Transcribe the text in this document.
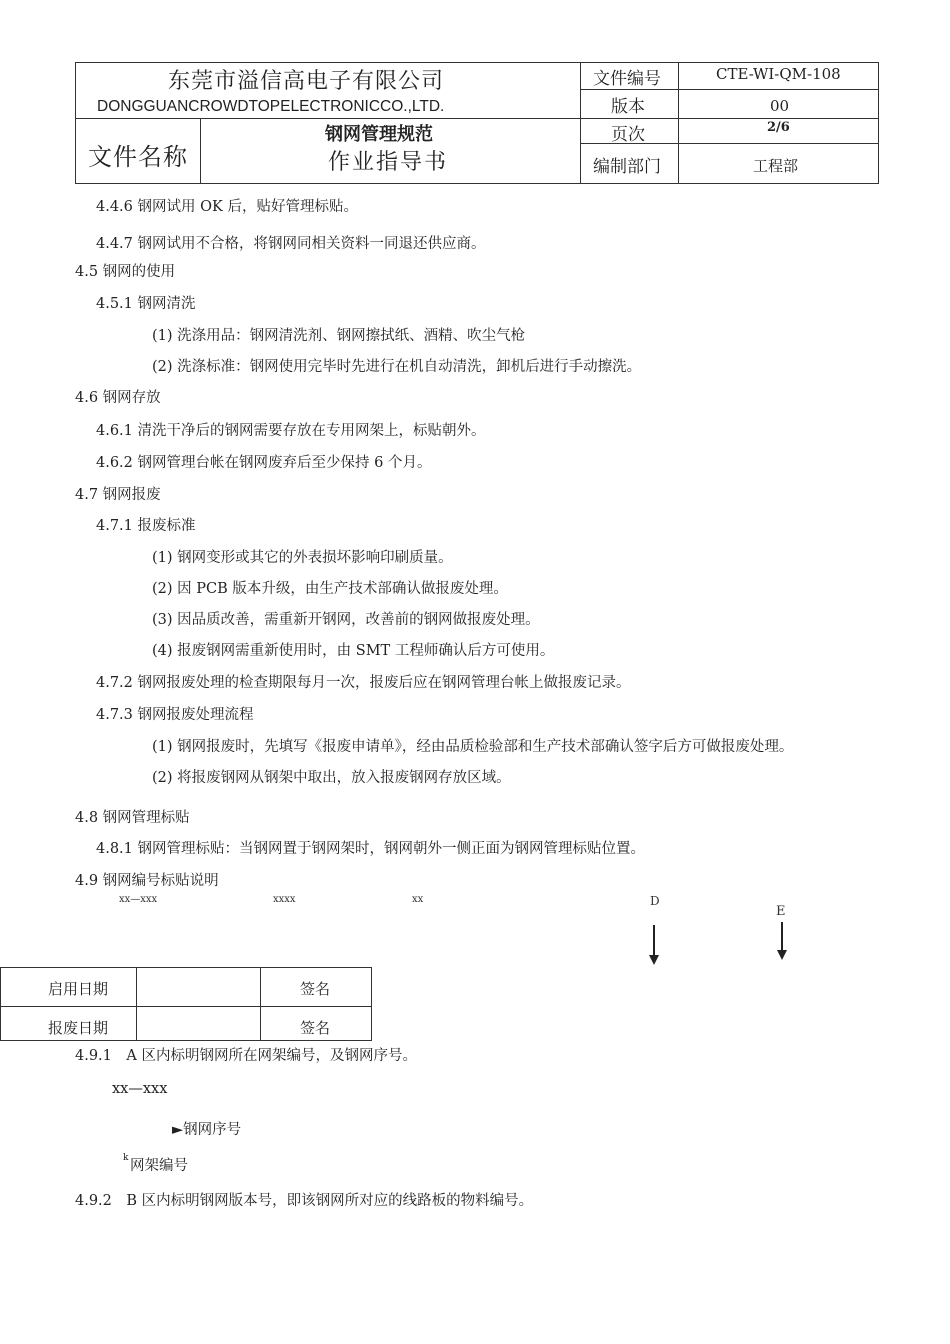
东莞市溢信高电子有限公司
DONGGUANCROWDTOPELECTRONICCO.,LTD.
文件名称
钢网管理规范
作业指导书
文件编号	CTE-WI-QM-108
版本	00
页次	2/6
编制部门	工程部
4.4.6 钢网试用 OK 后，贴好管理标贴。
4.4.7 钢网试用不合格，将钢网同相关资料一同退还供应商。
4.5 钢网的使用
4.5.1 钢网清洗
(1) 洗涤用品：钢网清洗剂、钢网擦拭纸、酒精、吹尘气枪
(2) 洗涤标准：钢网使用完毕时先进行在机自动清洗，卸机后进行手动擦洗。
4.6 钢网存放
4.6.1 清洗干净后的钢网需要存放在专用网架上，标贴朝外。
4.6.2 钢网管理台帐在钢网废弃后至少保持 6 个月。
4.7 钢网报废
4.7.1 报废标准
(1) 钢网变形或其它的外表损坏影响印刷质量。
(2) 因 PCB 版本升级，由生产技术部确认做报废处理。
(3) 因品质改善，需重新开钢网，改善前的钢网做报废处理。
(4) 报废钢网需重新使用时，由 SMT 工程师确认后方可使用。
4.7.2 钢网报废处理的检查期限每月一次，报废后应在钢网管理台帐上做报废记录。
4.7.3 钢网报废处理流程
(1) 钢网报废时，先填写《报废申请单》，经由品质检验部和生产技术部确认签字后方可做报废处理。
(2) 将报废钢网从钢架中取出，放入报废钢网存放区域。
4.8 钢网管理标贴
4.8.1 钢网管理标贴：当钢网置于钢网架时，钢网朝外一侧正面为钢网管理标贴位置。
4.9 钢网编号标贴说明
xx—xxx	xxxx	xx	D
E
启用日期	签名
报废日期	签名
4.9.1　A 区内标明钢网所在网架编号，及钢网序号。
xx—xxx
►钢网序号
k 网架编号
4.9.2　B 区内标明钢网版本号，即该钢网所对应的线路板的物料编号。
